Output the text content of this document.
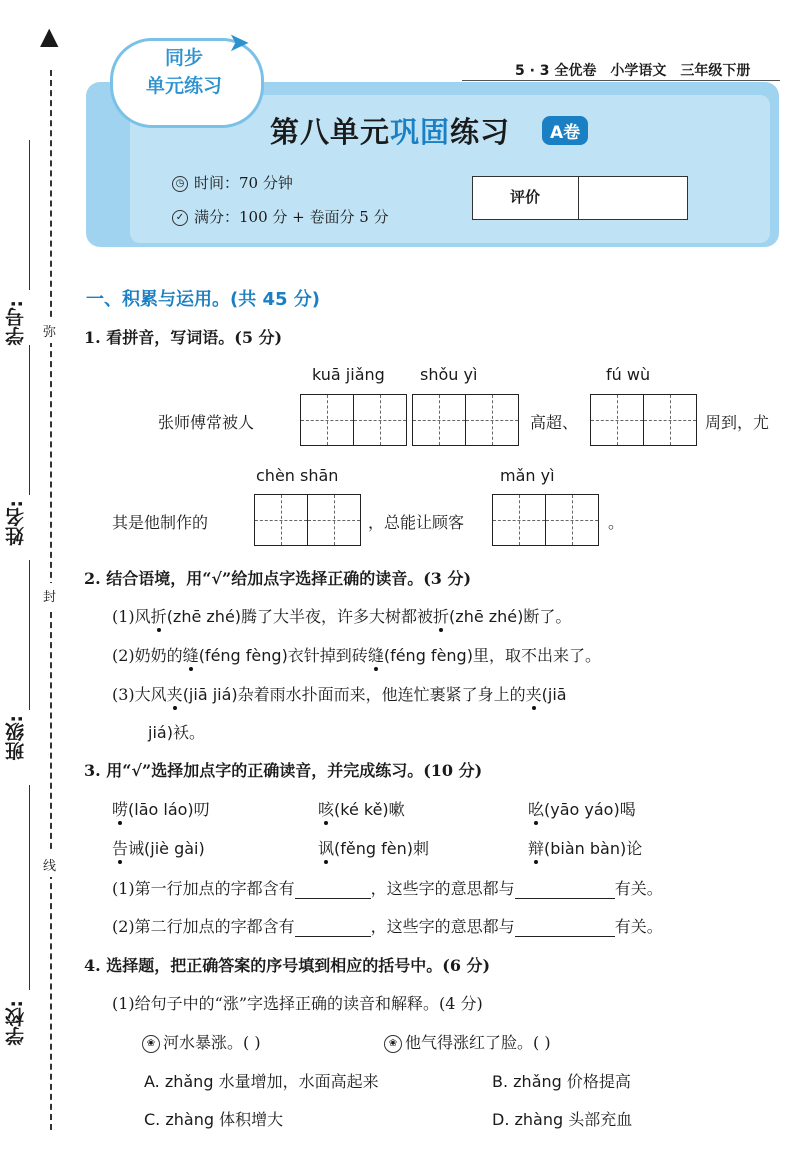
▲
学号:
姓名:
班级:
学校:
弥
封
线
同步
单元练习
➤
5 · 3 全优卷　小学语文　三年级下册
第八单元巩固练习	A卷
◷ 时间：70 分钟
✓ 满分：100 分 + 卷面分 5 分
评价
一、积累与运用。(共 45 分)
1. 看拼音，写词语。(5 分)
kuā jiǎng shǒu yì	fú wù
张师傅常被人	高超、	周到，尤
chèn shān	mǎn yì
其是他制作的	，总能让顾客	。
2. 结合语境，用“√”给加点字选择正确的读音。(3 分)
(1)风折(zhē zhé)腾了大半夜，许多大树都被折(zhē zhé)断了。
(2)奶奶的缝(féng fèng)衣针掉到砖缝(féng fèng)里，取不出来了。
(3)大风夹(jiā jiá)杂着雨水扑面而来，他连忙裹紧了身上的夹(jiā
jiá)袄。
3. 用“√”选择加点字的正确读音，并完成练习。(10 分)
唠(lāo láo)叨	咳(ké kě)嗽	吆(yāo yáo)喝
告诫(jiè gài)	讽(fěng fèn)刺	辩(biàn bàn)论
(1)第一行加点的字都含有	，这些字的意思都与	有关。
(2)第二行加点的字都含有	，这些字的意思都与	有关。
4. 选择题，把正确答案的序号填到相应的括号中。(6 分)
(1)给句子中的“涨”字选择正确的读音和解释。(4 分)
❀ 河水暴涨。( )	❀ 他气得涨红了脸。( )
A. zhǎng 水量增加，水面高起来	B. zhǎng 价格提高
C. zhàng 体积增大	D. zhàng 头部充血
